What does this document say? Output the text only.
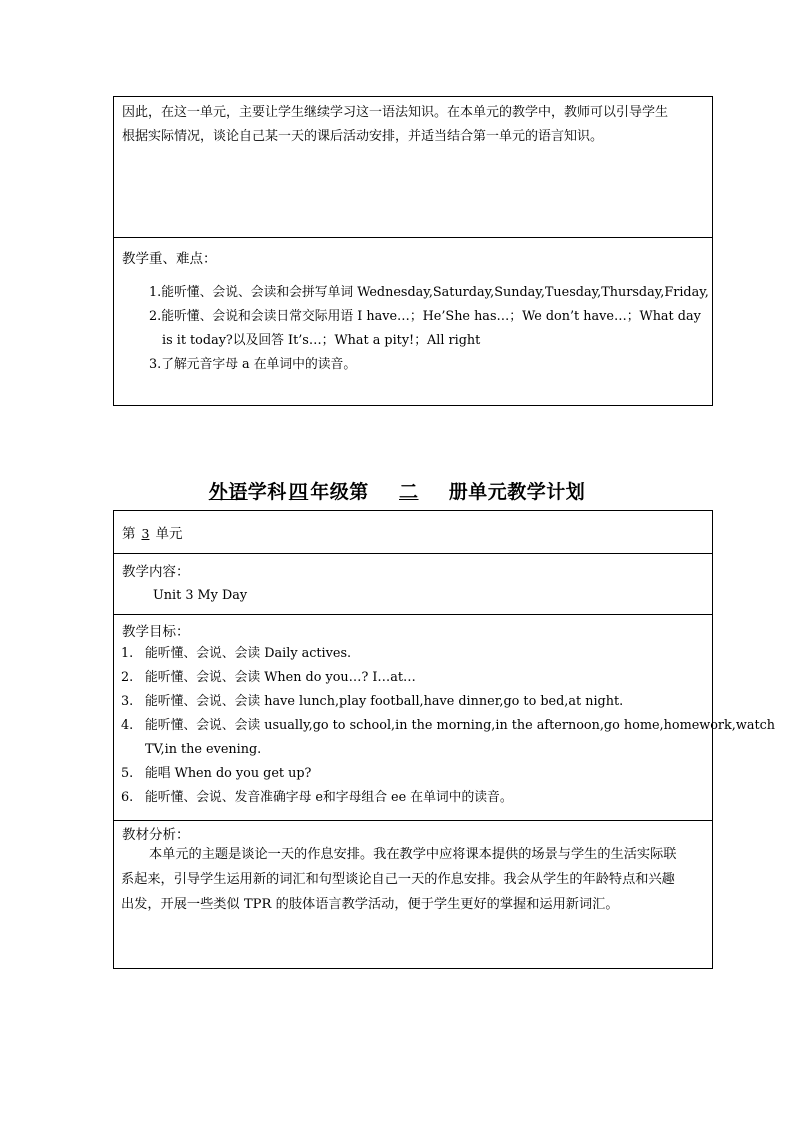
因此，在这一单元，主要让学生继续学习这一语法知识。在本单元的教学中，教师可以引导学生
根据实际情况，谈论自己某一天的课后活动安排，并适当结合第一单元的语言知识。
教学重、难点：
1.能听懂、会说、会读和会拼写单词 Wednesday,Saturday,Sunday,Tuesday,Thursday,Friday,
2.能听懂、会说和会读日常交际用语 I have…；He’She has…；We don’t have…；What day
is it today?以及回答 It’s…；What a pity!；All right
3.了解元音字母 a 在单词中的读音。
外语学科 四 年级第 二 册单元教学计划
第 3 单元
教学内容：
Unit 3 My Day
教学目标：
1. 能听懂、会说、会读 Daily actives.
2. 能听懂、会说、会读 When do you…? I…at…
3. 能听懂、会说、会读 have lunch,play football,have dinner,go to bed,at night.
4. 能听懂、会说、会读 usually,go to school,in the morning,in the afternoon,go home,homework,watch
TV,in the evening.
5. 能唱 When do you get up?
6. 能听懂、会说、发音准确字母 e和字母组合 ee 在单词中的读音。
教材分析：
本单元的主题是谈论一天的作息安排。我在教学中应将课本提供的场景与学生的生活实际联
系起来，引导学生运用新的词汇和句型谈论自己一天的作息安排。我会从学生的年龄特点和兴趣
出发，开展一些类似 TPR 的肢体语言教学活动，便于学生更好的掌握和运用新词汇。
